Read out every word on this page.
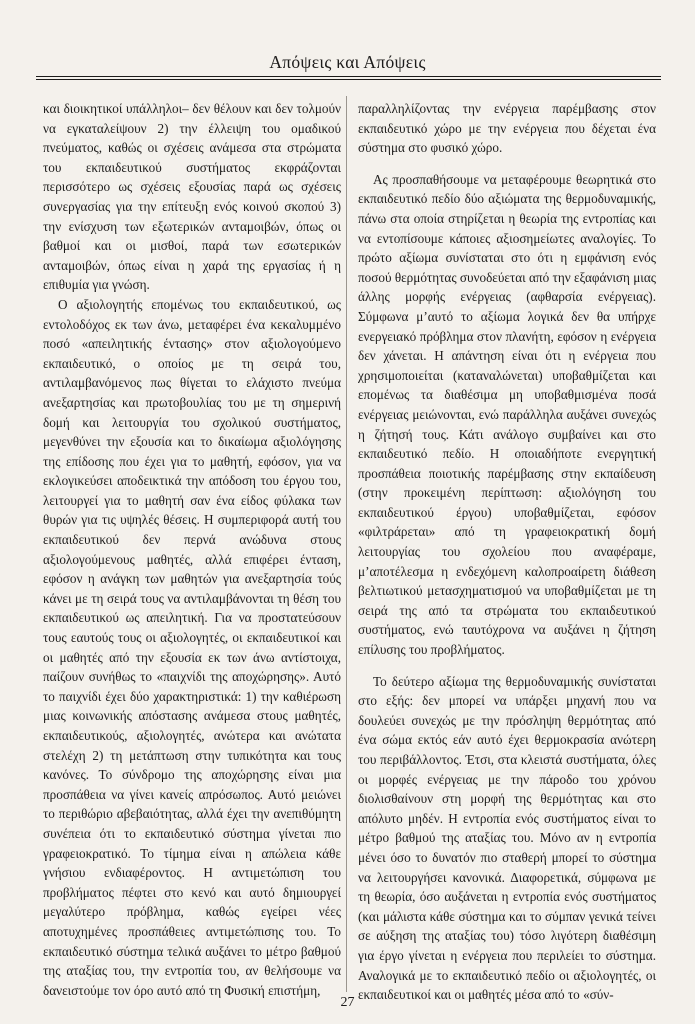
Απόψεις και Απόψεις

και διοικητικοί υπάλληλοι– δεν θέλουν και δεν τολμούν να εγκαταλείψουν 2) την έλλειψη του ομαδικού πνεύματος, καθώς οι σχέσεις ανάμεσα στα στρώματα του εκπαιδευτικού συστήματος εκφράζονται περισσότερο ως σχέσεις εξουσίας παρά ως σχέσεις συνεργασίας για την επίτευξη ενός κοινού σκοπού 3) την ενίσχυση των εξωτερικών ανταμοιβών, όπως οι βαθμοί και οι μισθοί, παρά των εσωτερικών ανταμοιβών, όπως είναι η χαρά της εργασίας ή η επιθυμία για γνώση.

Ο αξιολογητής επομένως του εκπαιδευτικού, ως εντολοδόχος εκ των άνω, μεταφέρει ένα κεκαλυμμένο ποσό «απειλητικής έντασης» στον αξιολογούμενο εκπαιδευτικό, ο οποίος με τη σειρά του, αντιλαμβανόμενος πως θίγεται το ελάχιστο πνεύμα ανεξαρτησίας και πρωτοβουλίας του με τη σημερινή δομή και λειτουργία του σχολικού συστήματος, μεγενθύνει την εξουσία και το δικαίωμα αξιολόγησης της επίδοσης που έχει για το μαθητή, εφόσον, για να εκλογικεύσει αποδεικτικά την απόδοση του έργου του, λειτουργεί για το μαθητή σαν ένα είδος φύλακα των θυρών για τις υψηλές θέσεις. Η συμπεριφορά αυτή του εκπαιδευτικού δεν περνά ανώδυνα στους αξιολογούμενους μαθητές, αλλά επιφέρει ένταση, εφόσον η ανάγκη των μαθητών για ανεξαρτησία τούς κάνει με τη σειρά τους να αντιλαμβάνονται τη θέση του εκπαιδευτικού ως απειλητική. Για να προστατεύσουν τους εαυτούς τους οι αξιολογητές, οι εκπαιδευτικοί και οι μαθητές από την εξουσία εκ των άνω αντίστοιχα, παίζουν συνήθως το «παιχνίδι της αποχώρησης». Αυτό το παιχνίδι έχει δύο χαρακτηριστικά: 1) την καθιέρωση μιας κοινωνικής απόστασης ανάμεσα στους μαθητές, εκπαιδευτικούς, αξιολογητές, ανώτερα και ανώτατα στελέχη 2) τη μετάπτωση στην τυπικότητα και τους κανόνες. Το σύνδρομο της αποχώρησης είναι μια προσπάθεια να γίνει κανείς απρόσωπος. Αυτό μειώνει το περιθώριο αβεβαιότητας, αλλά έχει την ανεπιθύμητη συνέπεια ότι το εκπαιδευτικό σύστημα γίνεται πιο γραφειοκρατικό. Το τίμημα είναι η απώλεια κάθε γνήσιου ενδιαφέροντος. Η αντιμετώπιση του προβλήματος πέφτει στο κενό και αυτό δημιουργεί μεγαλύτερο πρόβλημα, καθώς εγείρει νέες αποτυχημένες προσπάθειες αντιμετώπισης του. Το εκπαιδευτικό σύστημα τελικά αυξάνει το μέτρο βαθμού της αταξίας του, την εντροπία του, αν θελήσουμε να δανειστούμε τον όρο αυτό από τη Φυσική επιστήμη,

παραλληλίζοντας την ενέργεια παρέμβασης στον εκπαιδευτικό χώρο με την ενέργεια που δέχεται ένα σύστημα στο φυσικό χώρο.

Ας προσπαθήσουμε να μεταφέρουμε θεωρητικά στο εκπαιδευτικό πεδίο δύο αξιώματα της θερμοδυναμικής, πάνω στα οποία στηρίζεται η θεωρία της εντροπίας και να εντοπίσουμε κάποιες αξιοσημείωτες αναλογίες. Το πρώτο αξίωμα συνίσταται στο ότι η εμφάνιση ενός ποσού θερμότητας συνοδεύεται από την εξαφάνιση μιας άλλης μορφής ενέργειας (αφθαρσία ενέργειας). Σύμφωνα μ’αυτό το αξίωμα λογικά δεν θα υπήρχε ενεργειακό πρόβλημα στον πλανήτη, εφόσον η ενέργεια δεν χάνεται. Η απάντηση είναι ότι η ενέργεια που χρησιμοποιείται (καταναλώνεται) υποβαθμίζεται και επομένως τα διαθέσιμα μη υποβαθμισμένα ποσά ενέργειας μειώνονται, ενώ παράλληλα αυξάνει συνεχώς η ζήτησή τους. Κάτι ανάλογο συμβαίνει και στο εκπαιδευτικό πεδίο. Η οποιαδήποτε ενεργητική προσπάθεια ποιοτικής παρέμβασης στην εκπαίδευση (στην προκειμένη περίπτωση: αξιολόγηση του εκπαιδευτικού έργου) υποβαθμίζεται, εφόσον «φιλτράρεται» από τη γραφειοκρατική δομή λειτουργίας του σχολείου που αναφέραμε, μ’αποτέλεσμα η ενδεχόμενη καλοπροαίρετη διάθεση βελτιωτικού μετασχηματισμού να υποβαθμίζεται με τη σειρά της από τα στρώματα του εκπαιδευτικού συστήματος, ενώ ταυτόχρονα να αυξάνει η ζήτηση επίλυσης του προβλήματος.

Το δεύτερο αξίωμα της θερμοδυναμικής συνίσταται στο εξής: δεν μπορεί να υπάρξει μηχανή που να δουλεύει συνεχώς με την πρόσληψη θερμότητας από ένα σώμα εκτός εάν αυτό έχει θερμοκρασία ανώτερη του περιβάλλοντος. Έτσι, στα κλειστά συστήματα, όλες οι μορφές ενέργειας με την πάροδο του χρόνου διολισθαίνουν στη μορφή της θερμότητας και στο απόλυτο μηδέν. Η εντροπία ενός συστήματος είναι το μέτρο βαθμού της αταξίας του. Μόνο αν η εντροπία μένει όσο το δυνατόν πιο σταθερή μπορεί το σύστημα να λειτουργήσει κανονικά. Διαφορετικά, σύμφωνα με τη θεωρία, όσο αυξάνεται η εντροπία ενός συστήματος (και μάλιστα κάθε σύστημα και το σύμπαν γενικά τείνει σε αύξηση της αταξίας του) τόσο λιγότερη διαθέσιμη για έργο γίνεται η ενέργεια που περιλείει το σύστημα. Αναλογικά με το εκπαιδευτικό πεδίο οι αξιολογητές, οι εκπαιδευτικοί και οι μαθητές μέσα από το «σύν-

27
